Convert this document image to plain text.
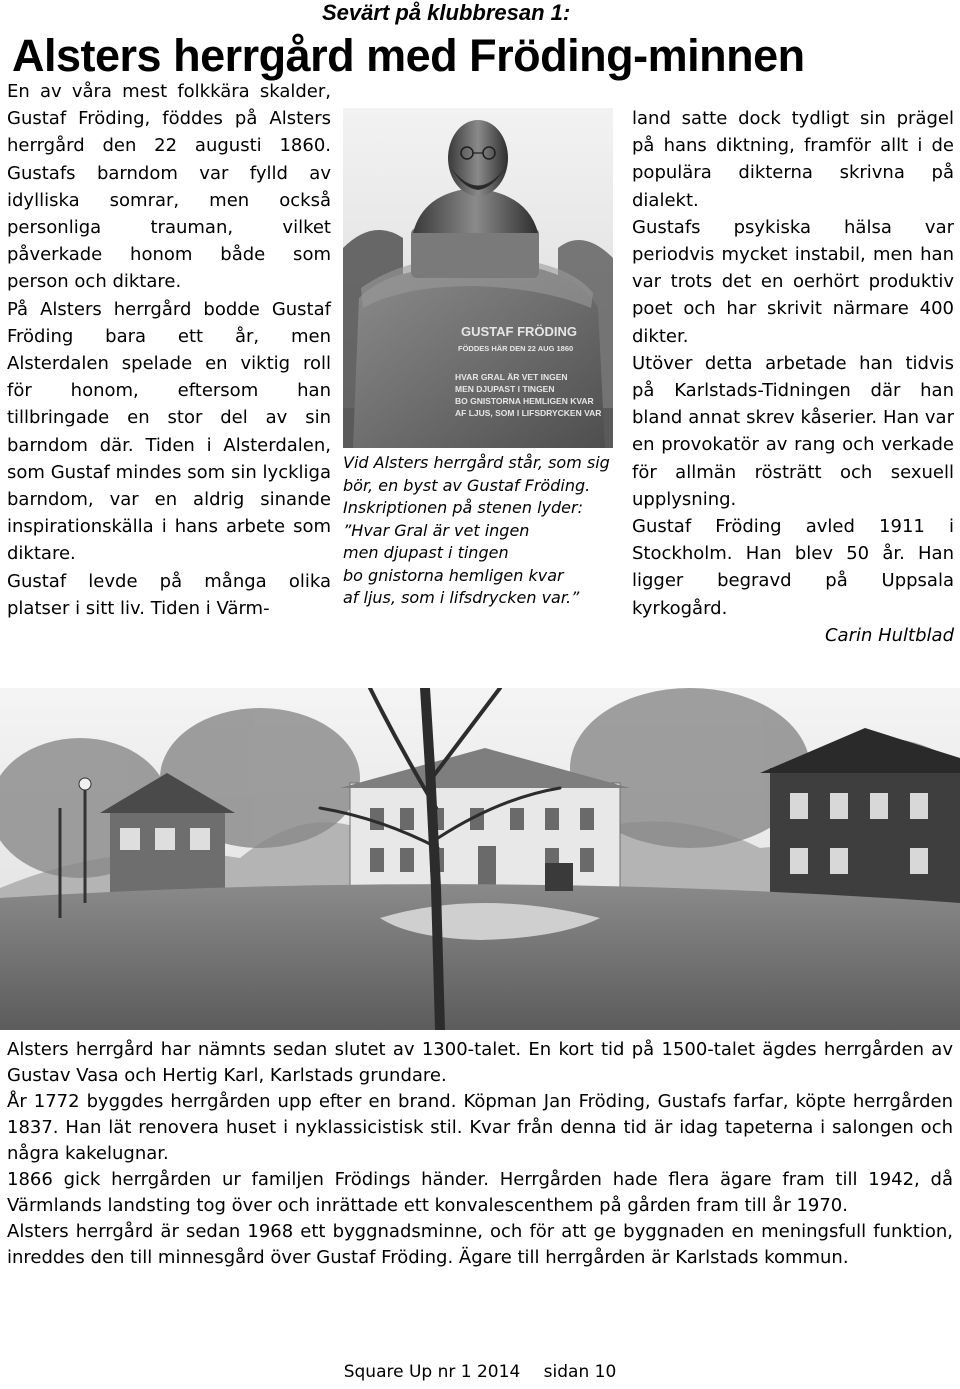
Sevärt på klubbresan 1:
Alsters herrgård med Fröding-minnen

En av våra mest folkkära skalder, Gustaf Fröding, föddes på Alsters herrgård den 22 augusti 1860. Gustafs barndom var fylld av idylliska somrar, men också personliga trauman, vilket påverkade honom både som person och diktare.

På Alsters herrgård bodde Gustaf Fröding bara ett år, men Alsterdalen spelade en viktig roll för honom, eftersom han tillbringade en stor del av sin barndom där. Tiden i Alsterdalen, som Gustaf mindes som sin lyckliga barndom, var en aldrig sinande inspirationskälla i hans arbete som diktare.

Gustaf levde på många olika platser i sitt liv. Tiden i Värm-

GUSTAF FRÖDING
FÖDDES HÄR DEN 22 AUG 1860
HVAR GRAL ÄR VET INGEN
MEN DJUPAST I TINGEN
BO GNISTORNA HEMLIGEN KVAR
AF LJUS, SOM I LIFSDRYCKEN VAR

Vid Alsters herrgård står, som sig bör, en byst av Gustaf Fröding. Inskriptionen på stenen lyder:

”Hvar Gral är vet ingen

men djupast i tingen

bo gnistorna hemligen kvar

af ljus, som i lifsdrycken var.”

land satte dock tydligt sin prägel på hans diktning, framför allt i de populära dikterna skrivna på dialekt.

Gustafs psykiska hälsa var periodvis mycket instabil, men han var trots det en oerhört produktiv poet och har skrivit närmare 400 dikter.

Utöver detta arbetade han tidvis på Karlstads-Tidningen där han bland annat skrev kåserier. Han var en provokatör av rang och verkade för allmän rösträtt och sexuell upplysning.

Gustaf Fröding avled 1911 i Stockholm. Han blev 50 år. Han ligger begravd på Uppsala kyrkogård.

Carin Hultblad

Alsters herrgård har nämnts sedan slutet av 1300-talet. En kort tid på 1500-talet ägdes herrgården av Gustav Vasa och Hertig Karl, Karlstads grundare.

År 1772 byggdes herrgården upp efter en brand. Köpman Jan Fröding, Gustafs farfar, köpte herrgården 1837. Han lät renovera huset i nyklassicistisk stil. Kvar från denna tid är idag tapeterna i salongen och några kakelugnar.

1866 gick herrgården ur familjen Frödings händer. Herrgården hade flera ägare fram till 1942, då Värmlands landsting tog över och inrättade ett konvalescenthem på gården fram till år 1970.

Alsters herrgård är sedan 1968 ett byggnadsminne, och för att ge byggnaden en meningsfull funktion, inreddes den till minnesgård över Gustaf Fröding. Ägare till herrgården är Karlstads kommun.

Square Up nr 1 2014 sidan 10
